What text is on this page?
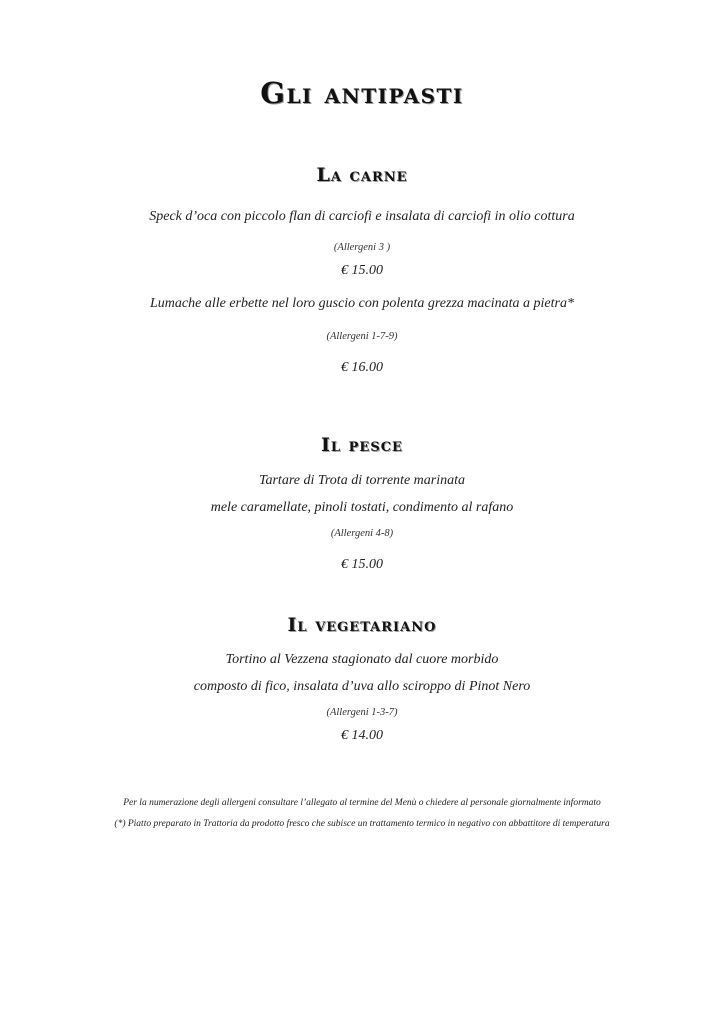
Gli antipasti
La carne
Speck d’oca con piccolo flan di carciofi e insalata di carciofi in olio cottura
(Allergeni 3 )
€ 15.00
Lumache alle erbette nel loro guscio con polenta grezza macinata a pietra*
(Allergeni 1-7-9)
€ 16.00
Il pesce
Tartare di Trota di torrente marinata
mele caramellate, pinoli tostati, condimento al rafano
(Allergeni 4-8)
€ 15.00
Il vegetariano
Tortino al Vezzena stagionato dal cuore morbido
composto di fico, insalata d’uva allo sciroppo di Pinot Nero
(Allergeni 1-3-7)
€ 14.00
Per la numerazione degli allergeni consultare l’allegato al termine del Menù o chiedere al personale giornalmente informato
(*) Piatto preparato in Trattoria da prodotto fresco che subisce un trattamento termico in negativo con abbattitore di temperatura
